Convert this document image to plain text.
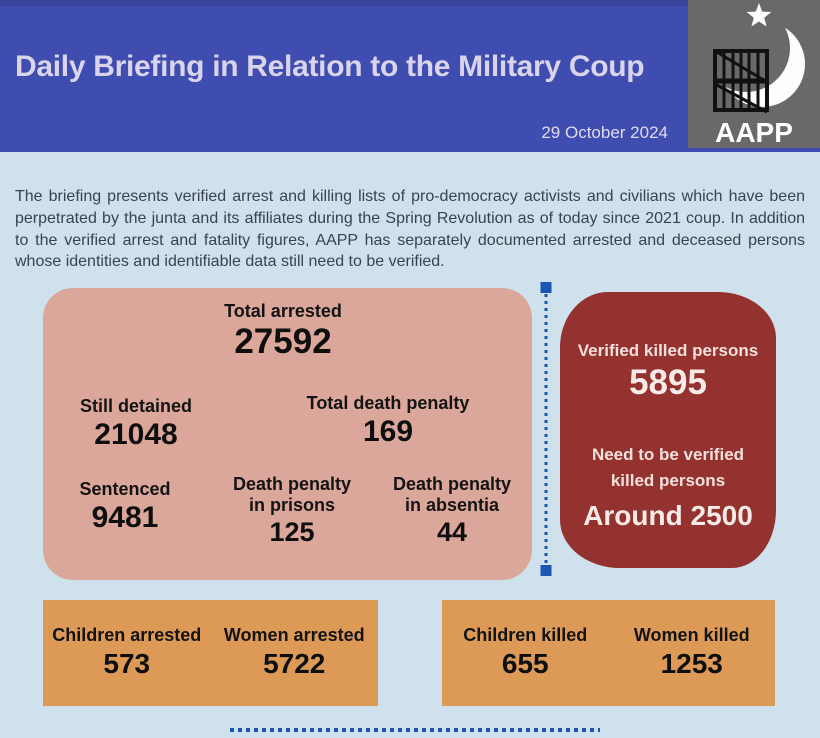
Daily Briefing in Relation to the Military Coup
29 October 2024 AAPP

The briefing presents verified arrest and killing lists of pro-democracy activists and civilians which have been perpetrated by the junta and its affiliates during the Spring Revolution as of today since 2021 coup. In addition to the verified arrest and fatality figures, AAPP has separately documented arrested and deceased persons whose identities and identifiable data still need to be verified.

Total arrested
27592
Still detained
21048
Total death penalty
169
Sentenced
9481
Death penalty
in prisons
125
Death penalty
in absentia
44
Verified killed persons
5895
Need to be verified
killed persons
Around 2500
Children arrested
573
Women arrested
5722
Children killed
655
Women killed
1253
